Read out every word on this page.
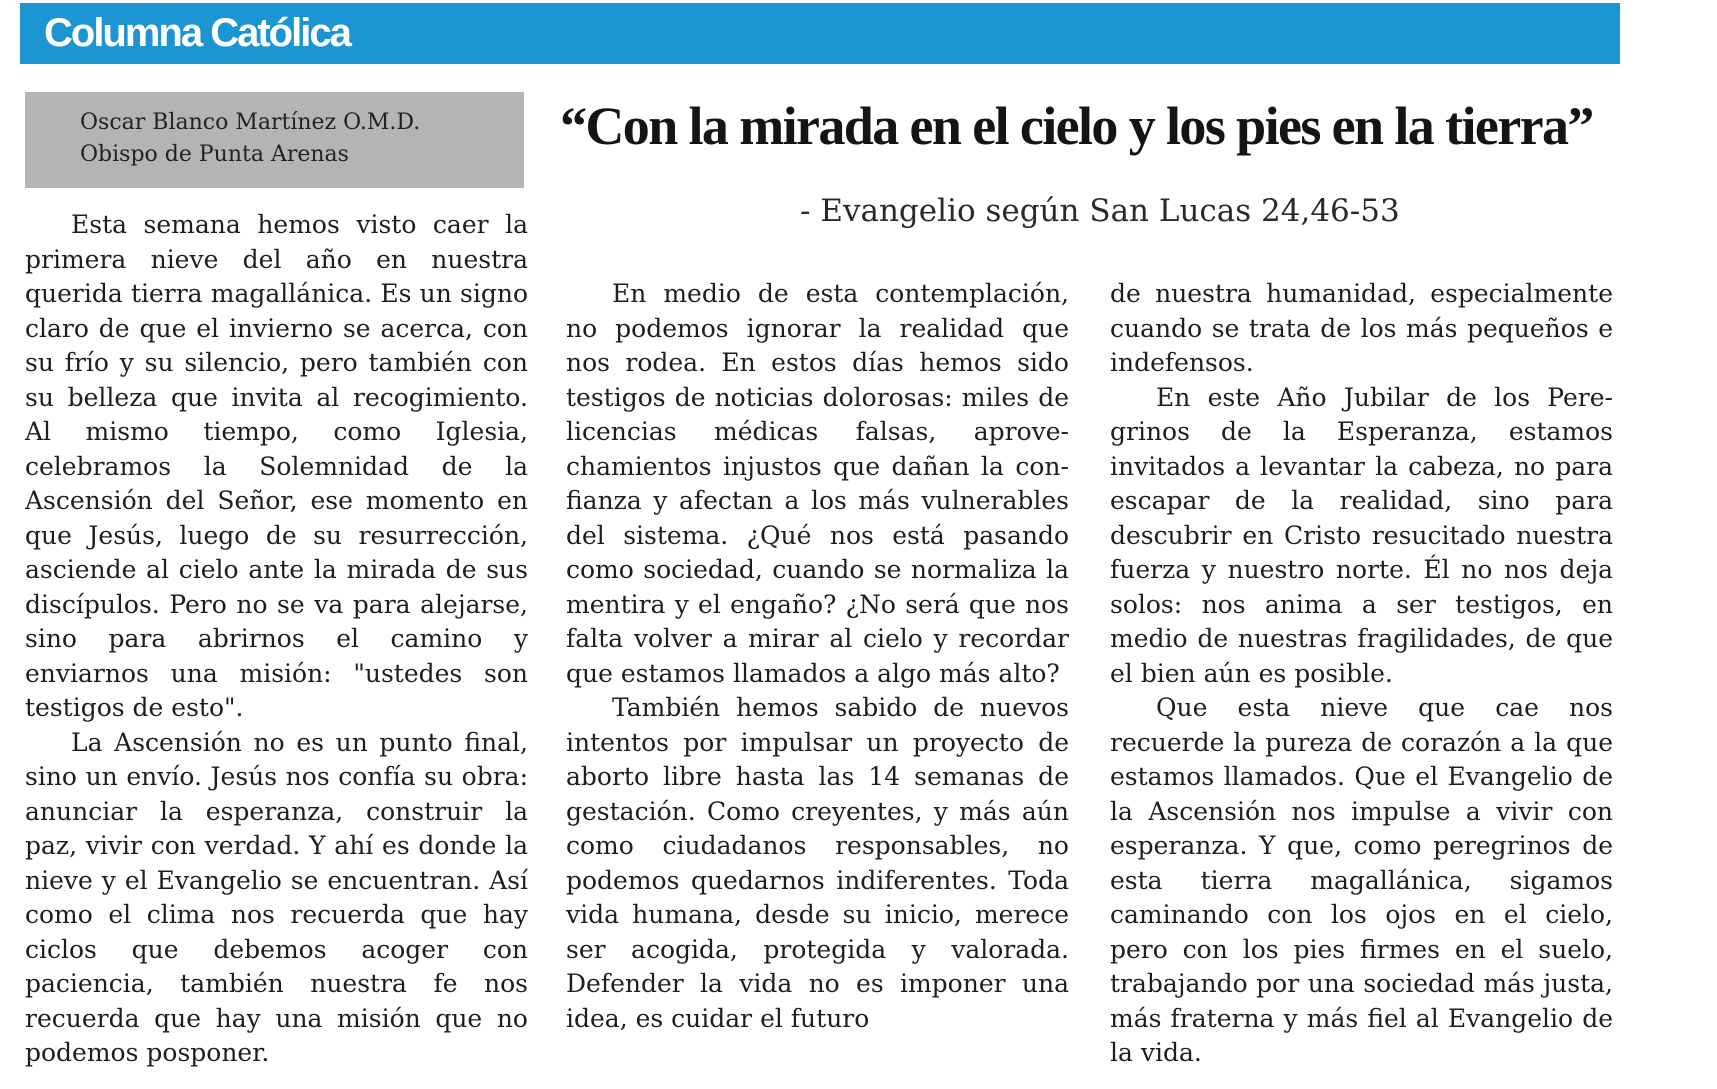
Columna Católica
Oscar Blanco Martínez O.M.D.
Obispo de Punta Arenas	“Con la mirada en el cielo y los pies en la tierra”
- Evangelio según San Lucas 24,46-53

Esta semana hemos visto caer la primera nieve del año en nuestra querida tierra magallánica. Es un signo claro de que el invierno se acerca, con su frío y su silencio, pero también con su belleza que invita al recogimiento. Al mismo tiempo, como Iglesia, celebramos la Solemnidad de la Ascensión del Señor, ese momento en que Jesús, luego de su resurrección, asciende al cielo ante la mirada de sus discípulos. Pero no se va para alejarse, sino para abrirnos el camino y enviarnos una misión: "ustedes son testigos de esto".

La Ascensión no es un punto final, sino un envío. Jesús nos confía su obra: anunciar la esperanza, construir la paz, vivir con verdad. Y ahí es donde la nieve y el Evangelio se encuentran. Así como el clima nos recuerda que hay ciclos que debemos acoger con paciencia, también nuestra fe nos recuerda que hay una misión que no podemos posponer.

En medio de esta contemplación, no podemos ignorar la realidad que nos rodea. En estos días hemos sido testigos de noticias dolorosas: miles de licencias médicas falsas, aprovechamientos injustos que dañan la confianza y afectan a los más vulnerables del sistema. ¿Qué nos está pasando como sociedad, cuando se normaliza la mentira y el engaño? ¿No será que nos falta volver a mirar al cielo y recordar que estamos llamados a algo más alto?

También hemos sabido de nuevos intentos por impulsar un proyecto de aborto libre hasta las 14 semanas de gestación. Como creyentes, y más aún como ciudadanos responsables, no podemos quedarnos indiferentes. Toda vida humana, desde su inicio, merece ser acogida, protegida y valorada. Defender la vida no es imponer una idea, es cuidar el futuro

de nuestra humanidad, especialmente cuando se trata de los más pequeños e indefensos.

En este Año Jubilar de los Peregrinos de la Esperanza, estamos invitados a levantar la cabeza, no para escapar de la realidad, sino para descubrir en Cristo resucitado nuestra fuerza y nuestro norte. Él no nos deja solos: nos anima a ser testigos, en medio de nuestras fragilidades, de que el bien aún es posible.

Que esta nieve que cae nos recuerde la pureza de corazón a la que estamos llamados. Que el Evangelio de la Ascensión nos impulse a vivir con esperanza. Y que, como peregrinos de esta tierra magallánica, sigamos caminando con los ojos en el cielo, pero con los pies firmes en el suelo, trabajando por una sociedad más justa, más fraterna y más fiel al Evangelio de la vida.
